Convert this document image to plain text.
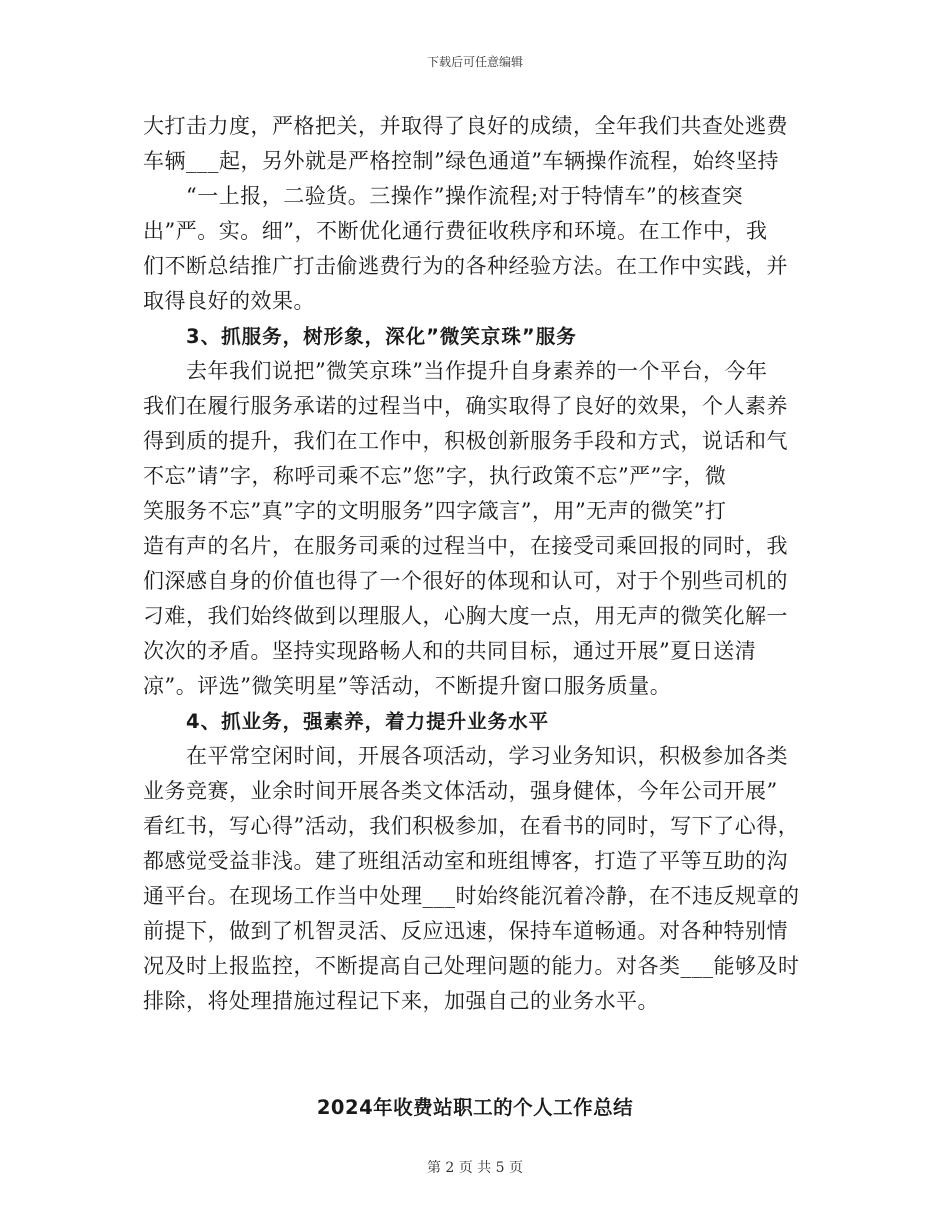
下载后可任意编辑
大打击力度，严格把关，并取得了良好的成绩，全年我们共查处逃费
车辆___起，另外就是严格控制”绿色通道”车辆操作流程，始终坚持
“一上报，二验货。三操作”操作流程;对于特情车”的核查突
出”严。实。细”，不断优化通行费征收秩序和环境。在工作中，我
们不断总结推广打击偷逃费行为的各种经验方法。在工作中实践，并
取得良好的效果。
3、抓服务，树形象，深化”微笑京珠”服务
去年我们说把”微笑京珠”当作提升自身素养的一个平台，今年
我们在履行服务承诺的过程当中，确实取得了良好的效果，个人素养
得到质的提升，我们在工作中，积极创新服务手段和方式，说话和气
不忘”请”字，称呼司乘不忘”您”字，执行政策不忘”严”字，微
笑服务不忘”真”字的文明服务”四字箴言”，用”无声的微笑”打
造有声的名片，在服务司乘的过程当中，在接受司乘回报的同时，我
们深感自身的价值也得了一个很好的体现和认可，对于个别些司机的
刁难，我们始终做到以理服人，心胸大度一点，用无声的微笑化解一
次次的矛盾。坚持实现路畅人和的共同目标，通过开展”夏日送清
凉”。评选”微笑明星”等活动，不断提升窗口服务质量。
4、抓业务，强素养，着力提升业务水平
在平常空闲时间，开展各项活动，学习业务知识，积极参加各类
业务竞赛，业余时间开展各类文体活动，强身健体，今年公司开展”
看红书，写心得”活动，我们积极参加，在看书的同时，写下了心得，
都感觉受益非浅。建了班组活动室和班组博客，打造了平等互助的沟
通平台。在现场工作当中处理___时始终能沉着冷静，在不违反规章的
前提下，做到了机智灵活、反应迅速，保持车道畅通。对各种特别情
况及时上报监控，不断提高自己处理问题的能力。对各类___能够及时
排除，将处理措施过程记下来，加强自己的业务水平。
2024年收费站职工的个人工作总结
第 2 页 共 5 页
